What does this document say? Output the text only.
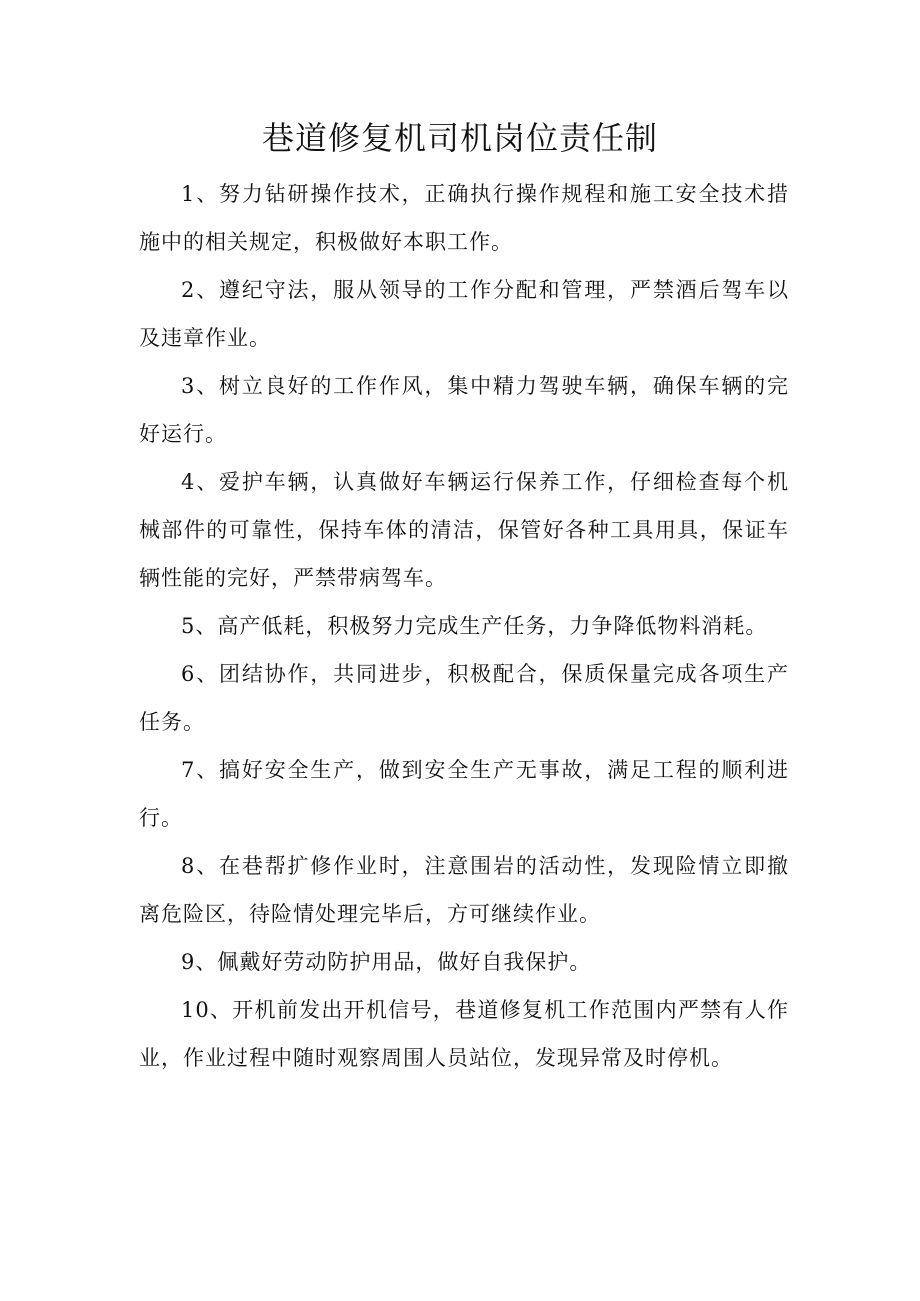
巷道修复机司机岗位责任制

1、努力钻研操作技术，正确执行操作规程和施工安全技术措施中的相关规定，积极做好本职工作。

2、遵纪守法，服从领导的工作分配和管理，严禁酒后驾车以及违章作业。

3、树立良好的工作作风，集中精力驾驶车辆，确保车辆的完好运行。

4、爱护车辆，认真做好车辆运行保养工作，仔细检查每个机械部件的可靠性，保持车体的清洁，保管好各种工具用具，保证车辆性能的完好，严禁带病驾车。

5、高产低耗，积极努力完成生产任务，力争降低物料消耗。

6、团结协作，共同进步，积极配合，保质保量完成各项生产任务。

7、搞好安全生产，做到安全生产无事故，满足工程的顺利进行。

8、在巷帮扩修作业时，注意围岩的活动性，发现险情立即撤离危险区，待险情处理完毕后，方可继续作业。

9、佩戴好劳动防护用品，做好自我保护。

10、开机前发出开机信号，巷道修复机工作范围内严禁有人作业，作业过程中随时观察周围人员站位，发现异常及时停机。
